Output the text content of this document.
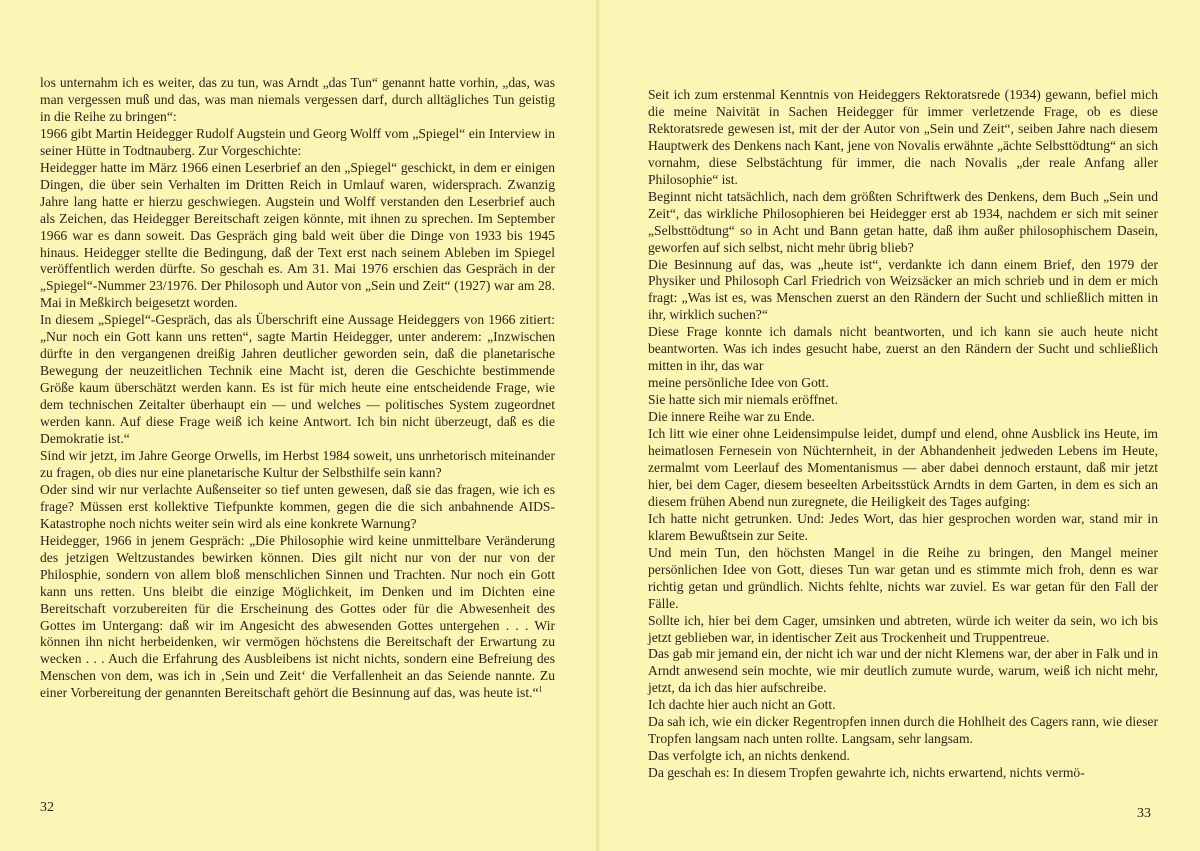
los unternahm ich es weiter, das zu tun, was Arndt „das Tun“ genannt hatte vorhin, „das, was man vergessen muß und das, was man niemals vergessen darf, durch alltägliches Tun geistig in die Reihe zu bringen“:

1966 gibt Martin Heidegger Rudolf Augstein und Georg Wolff vom „Spiegel“ ein Interview in seiner Hütte in Todtnauberg. Zur Vorgeschichte:

Heidegger hatte im März 1966 einen Leserbrief an den „Spiegel“ geschickt, in dem er einigen Dingen, die über sein Verhalten im Dritten Reich in Umlauf waren, widersprach. Zwanzig Jahre lang hatte er hierzu geschwiegen. Augstein und Wolff verstanden den Leserbrief auch als Zeichen, das Heidegger Bereitschaft zeigen könnte, mit ihnen zu sprechen. Im September 1966 war es dann soweit. Das Gespräch ging bald weit über die Dinge von 1933 bis 1945 hinaus. Heidegger stellte die Bedingung, daß der Text erst nach seinem Ableben im Spiegel veröffentlich werden dürfte. So geschah es. Am 31. Mai 1976 erschien das Gespräch in der „Spiegel“-Nummer 23/1976. Der Philosoph und Autor von „Sein und Zeit“ (1927) war am 28. Mai in Meßkirch beigesetzt worden.

In diesem „Spiegel“-Gespräch, das als Überschrift eine Aussage Heideggers von 1966 zitiert: „Nur noch ein Gott kann uns retten“, sagte Martin Heidegger, unter anderem: „Inzwischen dürfte in den vergangenen dreißig Jahren deutlicher geworden sein, daß die planetarische Bewegung der neuzeitlichen Technik eine Macht ist, deren die Geschichte bestimmende Größe kaum überschätzt werden kann. Es ist für mich heute eine entscheidende Frage, wie dem technischen Zeitalter überhaupt ein — und welches — politisches System zugeordnet werden kann. Auf diese Frage weiß ich keine Antwort. Ich bin nicht überzeugt, daß es die Demokratie ist.“

Sind wir jetzt, im Jahre George Orwells, im Herbst 1984 soweit, uns unrhetorisch miteinander zu fragen, ob dies nur eine planetarische Kultur der Selbsthilfe sein kann?

Oder sind wir nur verlachte Außenseiter so tief unten gewesen, daß sie das fragen, wie ich es frage? Müssen erst kollektive Tiefpunkte kommen, gegen die die sich anbahnende AIDS-Katastrophe noch nichts weiter sein wird als eine konkrete Warnung?

Heidegger, 1966 in jenem Gespräch: „Die Philosophie wird keine unmittelbare Veränderung des jetzigen Weltzustandes bewirken können. Dies gilt nicht nur von der nur von der Philosphie, sondern von allem bloß menschlichen Sinnen und Trachten. Nur noch ein Gott kann uns retten. Uns bleibt die einzige Möglichkeit, im Denken und im Dichten eine Bereitschaft vorzubereiten für die Erscheinung des Gottes oder für die Abwesenheit des Gottes im Untergang: daß wir im Angesicht des abwesenden Gottes untergehen . . . Wir können ihn nicht herbeidenken, wir vermögen höchstens die Bereitschaft der Erwartung zu wecken . . . Auch die Erfahrung des Ausbleibens ist nicht nichts, sondern eine Befreiung des Menschen von dem, was ich in ‚Sein und Zeit‘ die Verfallenheit an das Seiende nannte. Zu einer Vorbereitung der genannten Bereitschaft gehört die Besinnung auf das, was heute ist.“$^1$

32

Seit ich zum erstenmal Kenntnis von Heideggers Rektoratsrede (1934) gewann, befiel mich die meine Naivität in Sachen Heidegger für immer verletzende Frage, ob es diese Rektoratsrede gewesen ist, mit der der Autor von „Sein und Zeit“, seiben Jahre nach diesem Hauptwerk des Denkens nach Kant, jene von Novalis erwähnte „ächte Selbsttödtung“ an sich vornahm, diese Selbstächtung für immer, die nach Novalis „der reale Anfang aller Philosophie“ ist.

Beginnt nicht tatsächlich, nach dem größten Schriftwerk des Denkens, dem Buch „Sein und Zeit“, das wirkliche Philosophieren bei Heidegger erst ab 1934, nachdem er sich mit seiner „Selbsttödtung“ so in Acht und Bann getan hatte, daß ihm außer philosophischem Dasein, geworfen auf sich selbst, nicht mehr übrig blieb?

Die Besinnung auf das, was „heute ist“, verdankte ich dann einem Brief, den 1979 der Physiker und Philosoph Carl Friedrich von Weizsäcker an mich schrieb und in dem er mich fragt: „Was ist es, was Menschen zuerst an den Rändern der Sucht und schließlich mitten in ihr, wirklich suchen?“

Diese Frage konnte ich damals nicht beantworten, und ich kann sie auch heute nicht beantworten. Was ich indes gesucht habe, zuerst an den Rändern der Sucht und schließlich mitten in ihr, das war

meine persönliche Idee von Gott.

Sie hatte sich mir niemals eröffnet.

Die innere Reihe war zu Ende.

Ich litt wie einer ohne Leidensimpulse leidet, dumpf und elend, ohne Ausblick ins Heute, im heimatlosen Fernesein von Nüchternheit, in der Abhandenheit jedweden Lebens im Heute, zermalmt vom Leerlauf des Momentanismus — aber dabei dennoch erstaunt, daß mir jetzt hier, bei dem Cager, diesem beseelten Arbeitsstück Arndts in dem Garten, in dem es sich an diesem frühen Abend nun zuregnete, die Heiligkeit des Tages aufging:

Ich hatte nicht getrunken. Und: Jedes Wort, das hier gesprochen worden war, stand mir in klarem Bewußtsein zur Seite.

Und mein Tun, den höchsten Mangel in die Reihe zu bringen, den Mangel meiner persönlichen Idee von Gott, dieses Tun war getan und es stimmte mich froh, denn es war richtig getan und gründlich. Nichts fehlte, nichts war zuviel. Es war getan für den Fall der Fälle.

Sollte ich, hier bei dem Cager, umsinken und abtreten, würde ich weiter da sein, wo ich bis jetzt geblieben war, in identischer Zeit aus Trockenheit und Truppentreue.

Das gab mir jemand ein, der nicht ich war und der nicht Klemens war, der aber in Falk und in Arndt anwesend sein mochte, wie mir deutlich zumute wurde, warum, weiß ich nicht mehr, jetzt, da ich das hier aufschreibe.

Ich dachte hier auch nicht an Gott.

Da sah ich, wie ein dicker Regentropfen innen durch die Hohlheit des Cagers rann, wie dieser Tropfen langsam nach unten rollte. Langsam, sehr langsam.

Das verfolgte ich, an nichts denkend.

Da geschah es: In diesem Tropfen gewahrte ich, nichts erwartend, nichts vermö-

33
